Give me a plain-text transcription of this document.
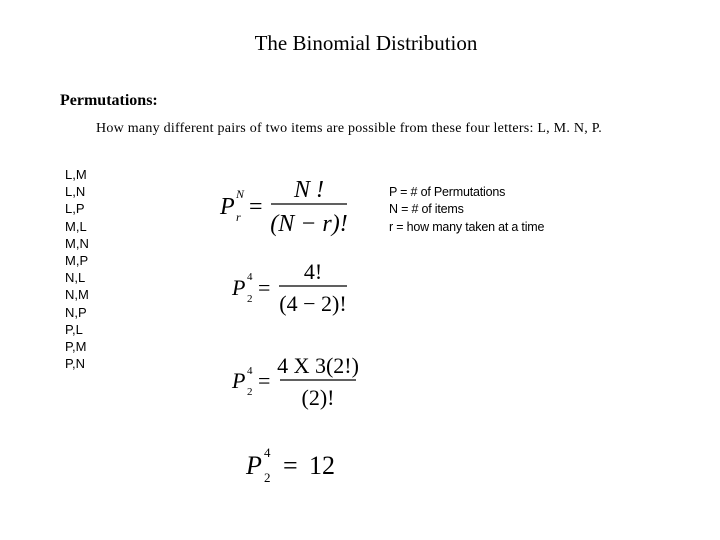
The Binomial Distribution
Permutations:
How many different pairs of two items are possible from these four letters: L, M. N, P.
L,M
L,N
L,P
M,L
M,N
M,P
N,L
N,M
N,P
P,L
P,M
P,N
P = # of Permutations
N = # of items
r = how many taken at a time
P N
r =
N !
(N − r)!
P 4
2 =
4!
(4 − 2)!
P 4
2 =
4 X 3(2!)
(2)!
P 4
2 = 12
